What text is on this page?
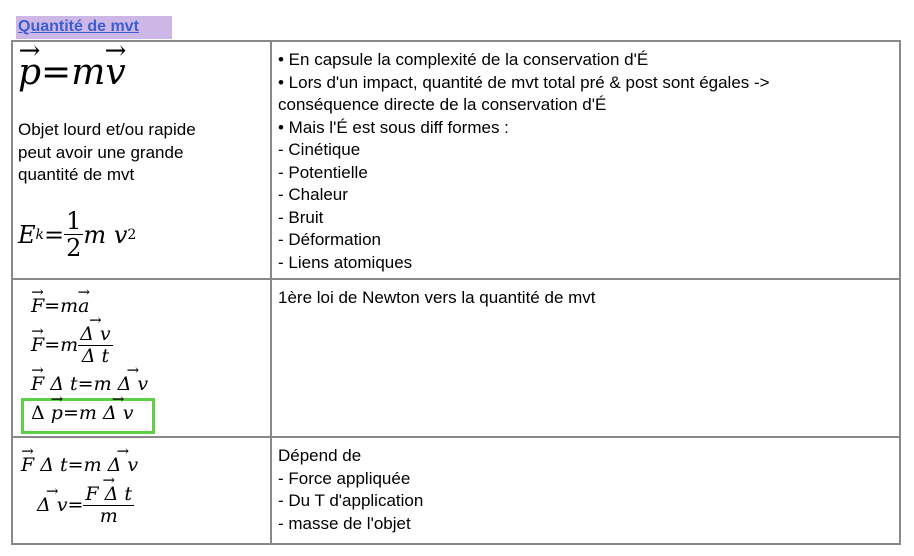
Quantité de mvt
→ p=m→ v
Objet lourd et/ou rapide
peut avoir une grande
quantité de mvt
E $k = \frac{1}{2}$ m
v 2

• En capsule la complexité de la conservation d'É
• Lors d'un impact, quantité de mvt total pré & post sont égales ->
conséquence directe de la conservation d'É
• Mais l'É est sous diff formes :
- Cinétique
- Potentielle
- Chaleur
- Bruit
- Déformation
- Liens atomiques

→ F=m→ a
→ F = m
→ $\frac{\text{Δ v}}{\text{Δ t}}$
→ F Δ t=m → Δ v
Δ → p=m → Δ v

1ère loi de Newton vers la quantité de mvt

→ F Δ t=m → Δ v
→ Δ v =
→ $\frac{\text{F Δ t}}{m}$

Dépend de
- Force appliquée
- Du T d'application
- masse de l'objet
